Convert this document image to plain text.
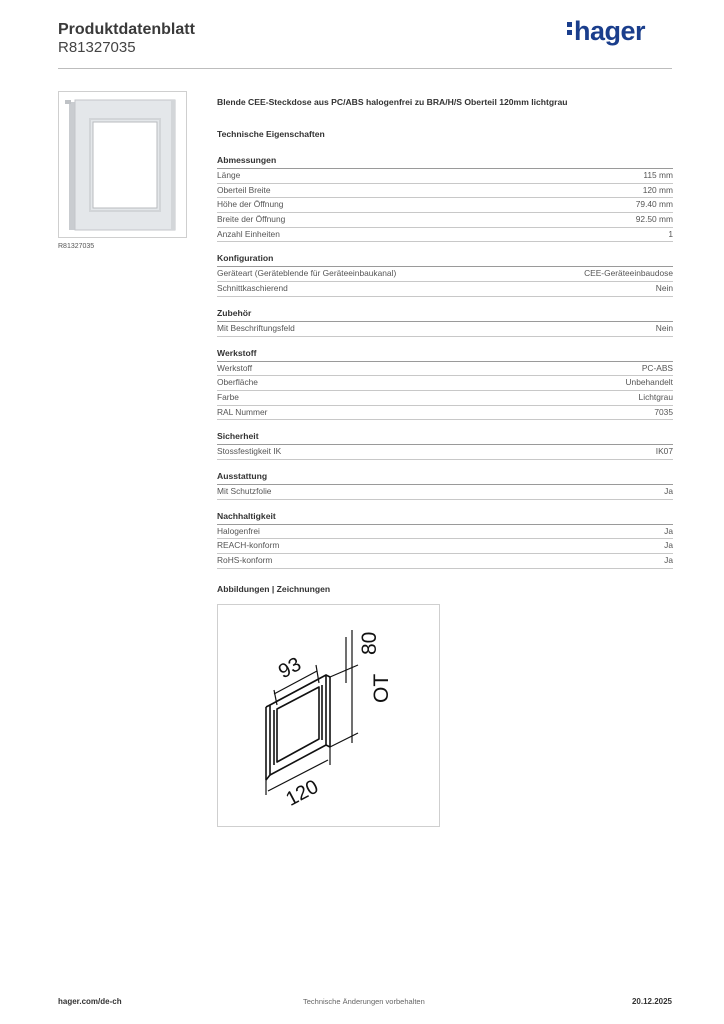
Produktdatenblatt
R81327035
hager
R81327035
Blende CEE-Steckdose aus PC/ABS halogenfrei zu BRA/H/S Oberteil 120mm lichtgrau
Technische Eigenschaften
Abmessungen
Länge	115 mm
Oberteil Breite	120 mm
Höhe der Öffnung	79.40 mm
Breite der Öffnung	92.50 mm
Anzahl Einheiten	1
Konfiguration
Geräteart (Geräteblende für Geräteeinbaukanal)	CEE-Geräteeinbaudose
Schnittkaschierend	Nein
Zubehör
Mit Beschriftungsfeld	Nein
Werkstoff
Werkstoff	PC-ABS
Oberfläche	Unbehandelt
Farbe	Lichtgrau
RAL Nummer	7035
Sicherheit
Stossfestigkeit IK	IK07
Ausstattung
Mit Schutzfolie	Ja
Nachhaltigkeit
Halogenfrei	Ja
REACH-konform	Ja
RoHS-konform	Ja
Abbildungen | Zeichnungen
93
80
OT
120
hager.com/de-ch	Technische Änderungen vorbehalten	20.12.2025
